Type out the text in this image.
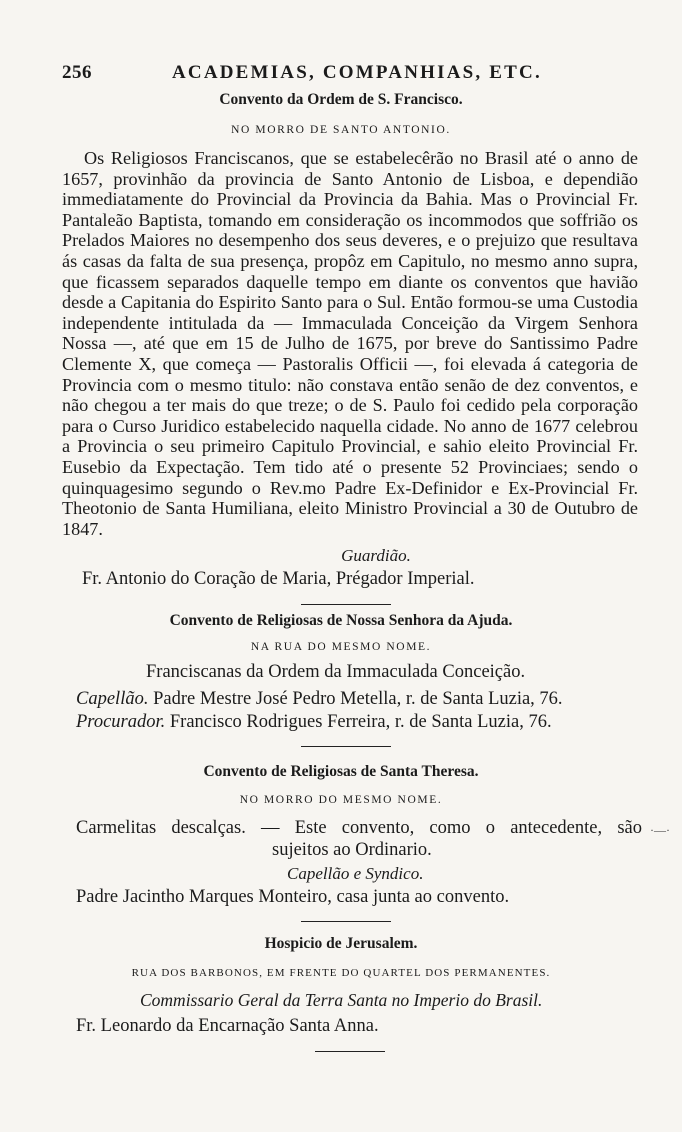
256	ACADEMIAS, COMPANHIAS, ETC.
Convento da Ordem de S. Francisco.
NO MORRO DE SANTO ANTONIO.
Os Religiosos Franciscanos, que se estabelecêrão no Brasil até o anno de 1657, provinhão da provincia de Santo Antonio de Lisboa, e dependião immediatamente do Provincial da Provincia da Bahia. Mas o Provincial Fr. Pantaleão Baptista, tomando em consideração os incommodos que soffrião os Prelados Maiores no desempenho dos seus deveres, e o prejuizo que resultava ás casas da falta de sua presença, propôz em Capitulo, no mesmo anno supra, que ficassem separados daquelle tempo em diante os conventos que havião desde a Capitania do Espirito Santo para o Sul. Então formou-se uma Custodia independente intitulada da — Immaculada Conceição da Virgem Senhora Nossa —, até que em 15 de Julho de 1675, por breve do Santissimo Padre Clemente X, que começa — Pastoralis Officii —, foi elevada á categoria de Provincia com o mesmo titulo: não constava então senão de dez conventos, e não chegou a ter mais do que treze; o de S. Paulo foi cedido pela corporação para o Curso Juridico estabelecido naquella cidade. No anno de 1677 celebrou a Provincia o seu primeiro Capitulo Provincial, e sahio eleito Provincial Fr. Eusebio da Expectação. Tem tido até o presente 52 Provinciaes; sendo o quinquagesimo segundo o Rev.mo Padre Ex-Definidor e Ex-Provincial Fr. Theotonio de Santa Humiliana, eleito Ministro Provincial a 30 de Outubro de 1847.
Guardião.
Fr. Antonio do Coração de Maria, Prégador Imperial.
Convento de Religiosas de Nossa Senhora da Ajuda.
NA RUA DO MESMO NOME.
Franciscanas da Ordem da Immaculada Conceição.
Capellão. Padre Mestre José Pedro Metella, r. de Santa Luzia, 76.
Procurador. Francisco Rodrigues Ferreira, r. de Santa Luzia, 76.
Convento de Religiosas de Santa Theresa.
NO MORRO DO MESMO NOME.
Carmelitas descalças. — Este convento, como o antecedente, são ·—·
sujeitos ao Ordinario.
Capellão e Syndico.
Padre Jacintho Marques Monteiro, casa junta ao convento.
Hospicio de Jerusalem.
RUA DOS BARBONOS, EM FRENTE DO QUARTEL DOS PERMANENTES.
Commissario Geral da Terra Santa no Imperio do Brasil.
Fr. Leonardo da Encarnação Santa Anna.
